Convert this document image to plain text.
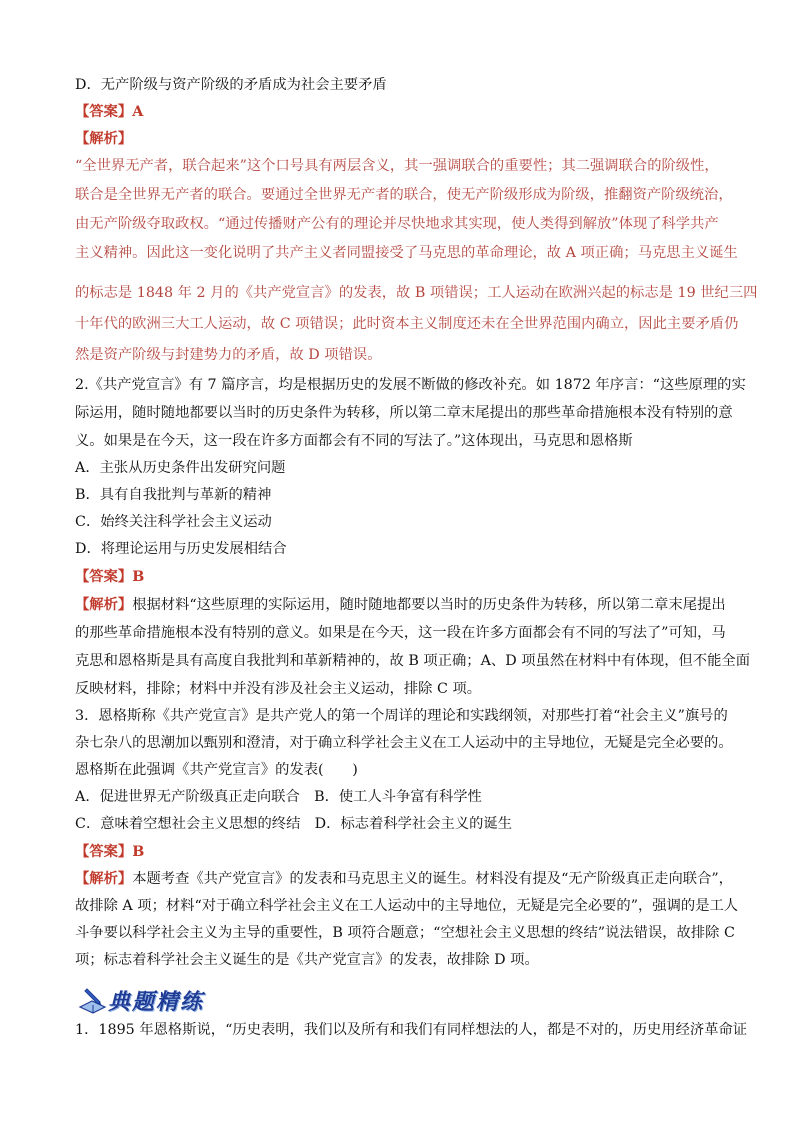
D．无产阶级与资产阶级的矛盾成为社会主要矛盾
【答案】A
【解析】
“全世界无产者，联合起来”这个口号具有两层含义，其一强调联合的重要性；其二强调联合的阶级性，
联合是全世界无产者的联合。要通过全世界无产者的联合，使无产阶级形成为阶级，推翻资产阶级统治，
由无产阶级夺取政权。“通过传播财产公有的理论并尽快地求其实现，使人类得到解放”体现了科学共产
主义精神。因此这一变化说明了共产主义者同盟接受了马克思的革命理论，故 A 项正确；马克思主义诞生
的标志是 1848 年 2 月的《共产党宣言》的发表，故 B 项错误；工人运动在欧洲兴起的标志是 19 世纪三四
十年代的欧洲三大工人运动，故 C 项错误；此时资本主义制度还未在全世界范围内确立，因此主要矛盾仍
然是资产阶级与封建势力的矛盾，故 D 项错误。
2.《共产党宣言》有 7 篇序言，均是根据历史的发展不断做的修改补充。如 1872 年序言：“这些原理的实
际运用，随时随地都要以当时的历史条件为转移，所以第二章末尾提出的那些革命措施根本没有特别的意
义。如果是在今天，这一段在许多方面都会有不同的写法了。”这体现出，马克思和恩格斯
A．主张从历史条件出发研究问题
B．具有自我批判与革新的精神
C．始终关注科学社会主义运动
D．将理论运用与历史发展相结合
【答案】B
【解析】根据材料“这些原理的实际运用，随时随地都要以当时的历史条件为转移，所以第二章末尾提出
的那些革命措施根本没有特别的意义。如果是在今天，这一段在许多方面都会有不同的写法了”可知，马
克思和恩格斯是具有高度自我批判和革新精神的，故 B 项正确；A、D 项虽然在材料中有体现，但不能全面
反映材料，排除；材料中并没有涉及社会主义运动，排除 C 项。
3．恩格斯称《共产党宣言》是共产党人的第一个周详的理论和实践纲领，对那些打着“社会主义”旗号的
杂七杂八的思潮加以甄别和澄清，对于确立科学社会主义在工人运动中的主导地位，无疑是完全必要的。
恩格斯在此强调《共产党宣言》的发表(　　)
A．促进世界无产阶级真正走向联合　B．使工人斗争富有科学性
C．意味着空想社会主义思想的终结　D．标志着科学社会主义的诞生
【答案】B
【解析】本题考查《共产党宣言》的发表和马克思主义的诞生。材料没有提及“无产阶级真正走向联合”，
故排除 A 项；材料“对于确立科学社会主义在工人运动中的主导地位，无疑是完全必要的”，强调的是工人
斗争要以科学社会主义为主导的重要性，B 项符合题意；“空想社会主义思想的终结”说法错误，故排除 C
项；标志着科学社会主义诞生的是《共产党宣言》的发表，故排除 D 项。
典题精练
1．1895 年恩格斯说，“历史表明，我们以及所有和我们有同样想法的人，都是不对的，历史用经济革命证
